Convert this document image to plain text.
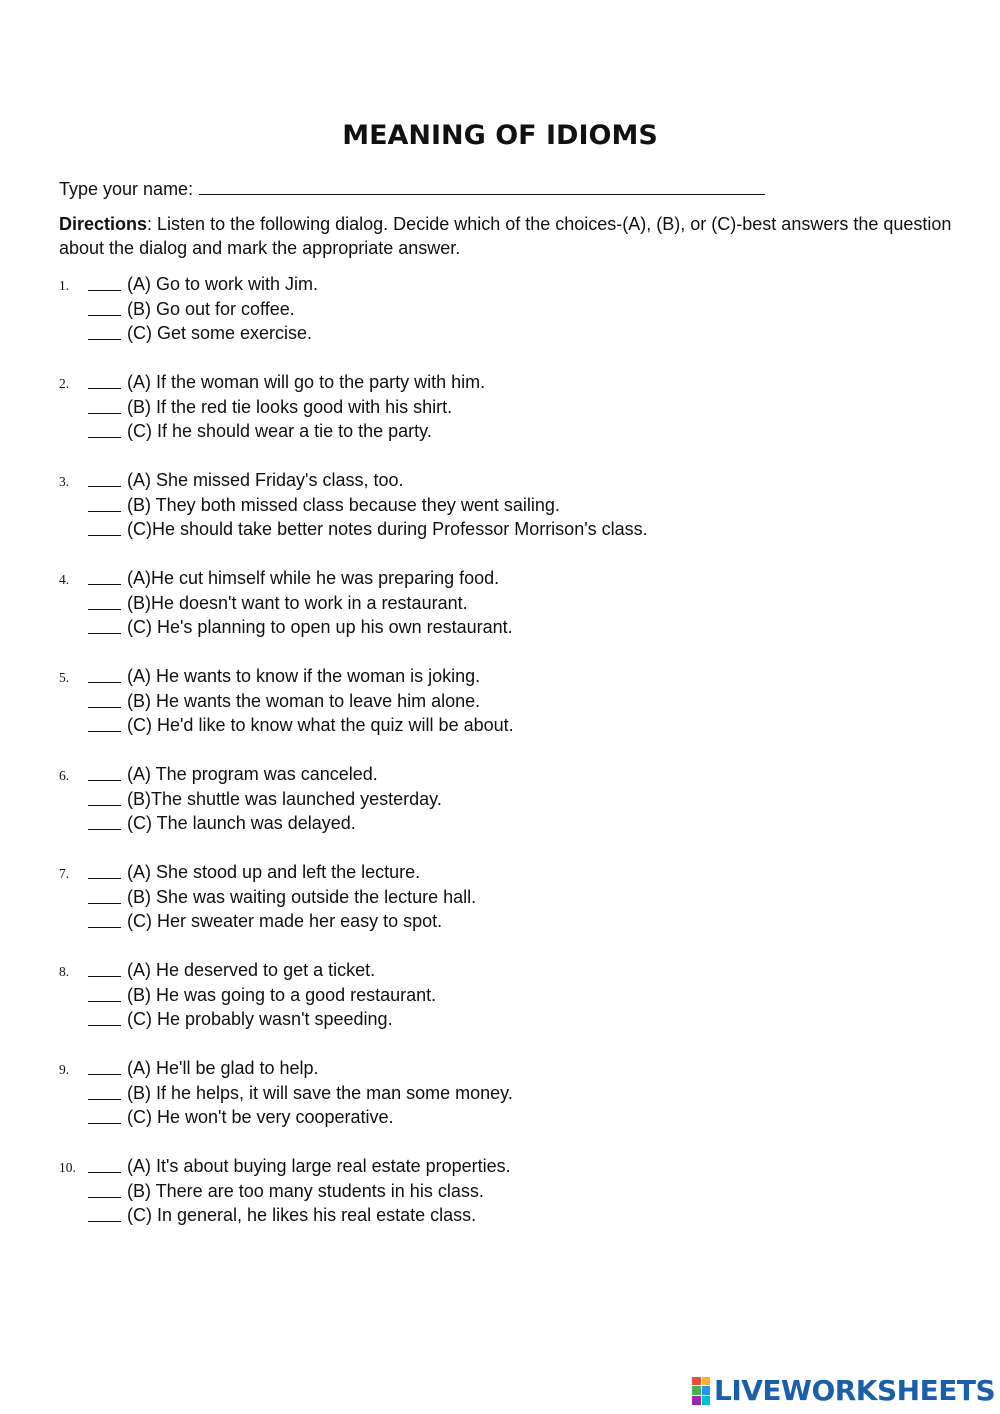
MEANING OF IDIOMS
Type your name:
Directions: Listen to the following dialog. Decide which of the choices-(A), (B), or (C)-best answers the question about the dialog and mark the appropriate answer.
1.	(A) Go to work with Jim.
(B) Go out for coffee.
(C) Get some exercise.
2.	(A) If the woman will go to the party with him.
(B) If the red tie looks good with his shirt.
(C) If he should wear a tie to the party.
3.	(A) She missed Friday's class, too.
(B) They both missed class because they went sailing.
(C)He should take better notes during Professor Morrison's class.
4.	(A)He cut himself while he was preparing food.
(B)He doesn't want to work in a restaurant.
(C) He's planning to open up his own restaurant.
5.	(A) He wants to know if the woman is joking.
(B) He wants the woman to leave him alone.
(C) He'd like to know what the quiz will be about.
6.	(A) The program was canceled.
(B)The shuttle was launched yesterday.
(C) The launch was delayed.
7.	(A) She stood up and left the lecture.
(B) She was waiting outside the lecture hall.
(C) Her sweater made her easy to spot.
8.	(A) He deserved to get a ticket.
(B) He was going to a good restaurant.
(C) He probably wasn't speeding.
9.	(A) He'll be glad to help.
(B) If he helps, it will save the man some money.
(C) He won't be very cooperative.
10.	(A) It's about buying large real estate properties.
(B) There are too many students in his class.
(C) In general, he likes his real estate class.
LIVEWORKSHEETS
